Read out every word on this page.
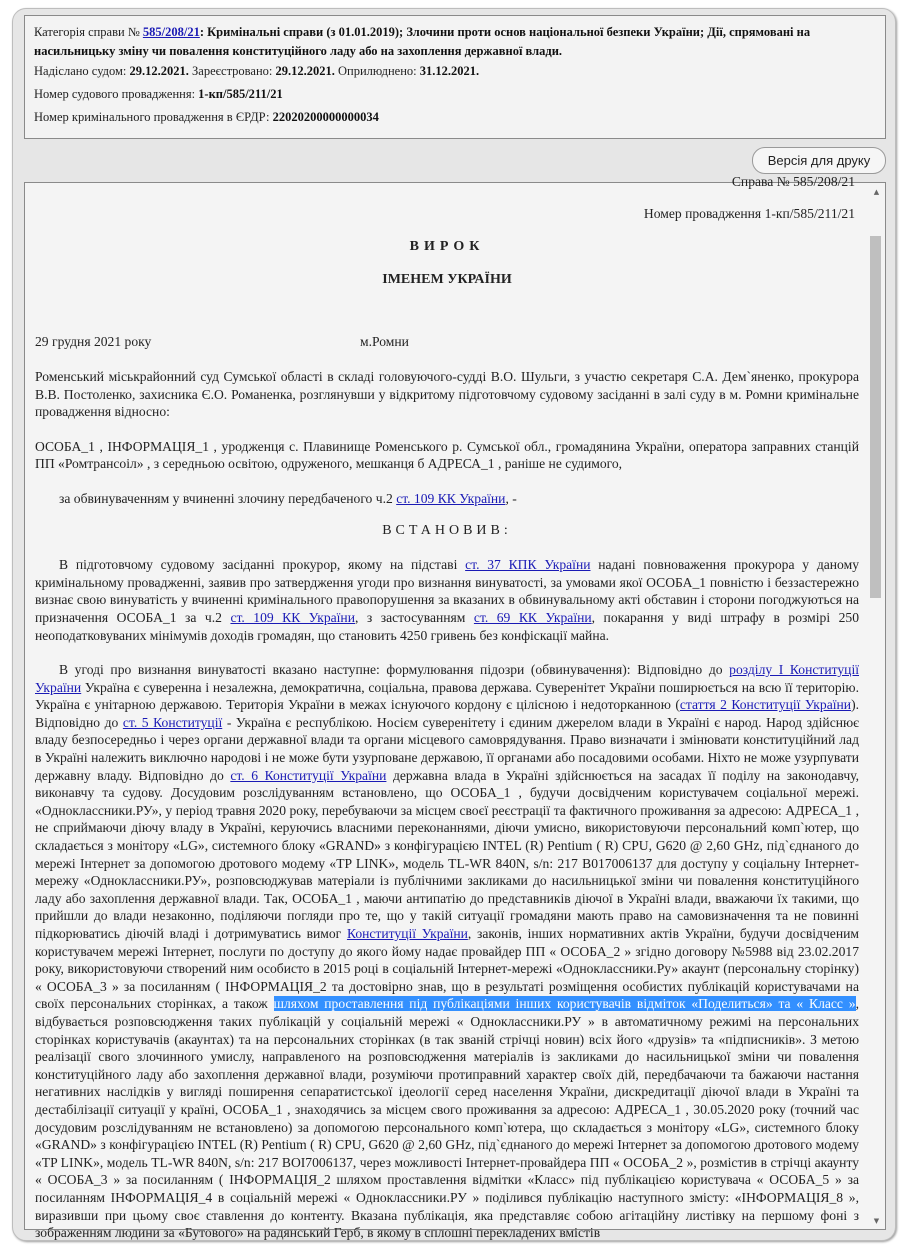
Категорія справи № 585/208/21: Кримінальні справи (з 01.01.2019); Злочини проти основ національної безпеки України; Дії, спрямовані на насильницьку зміну чи повалення конституційного ладу або на захоплення державної влади.
Надіслано судом: 29.12.2021. Зареєстровано: 29.12.2021. Оприлюднено: 31.12.2021.
Номер судового провадження: 1-кп/585/211/21
Номер кримінального провадження в ЄРДР: 22020200000000034
Версія для друку

Справа № 585/208/21

Номер провадження 1-кп/585/211/21

ВИРОК

ІМЕНЕМ УКРАЇНИ

29 грудня 2021 року	м.Ромни

Роменський міськрайонний суд Сумської області в складі головуючого-судді В.О. Шульги, з участю секретаря С.А. Дем`яненко, прокурора В.В. Постоленко, захисника Є.О. Романенка, розглянувши у відкритому підготовчому судовому засіданні в залі суду в м. Ромни кримінальне провадження відносно:

ОСОБА_1 , ІНФОРМАЦІЯ_1 , уродженця с. Плавинище Роменського р. Сумської обл., громадянина України, оператора заправних станцій ПП «Ромтрансоіл» , з середньою освітою, одруженого, мешканця б АДРЕСА_1 , раніше не судимого,

за обвинуваченням у вчиненні злочину передбаченого ч.2 ст. 109 КК України, -

ВСТАНОВИВ:

В підготовчому судовому засіданні прокурор, якому на підставі ст. 37 КПК України надані повноваження прокурора у даному кримінальному провадженні, заявив про затвердження угоди про визнання винуватості, за умовами якої ОСОБА_1 повністю і беззастережно визнає свою винуватість у вчиненні кримінального правопорушення за вказаних в обвинувальному акті обставин і сторони погоджуються на призначення ОСОБА_1 за ч.2 ст. 109 КК України, з застосуванням ст. 69 КК України, покарання у виді штрафу в розмірі 250 неоподатковуваних мінімумів доходів громадян, що становить 4250 гривень без конфіскації майна.

В угоді про визнання винуватості вказано наступне: формулювання підозри (обвинувачення): Відповідно до розділу І Конституції України Україна є суверенна і незалежна, демократична, соціальна, правова держава. Суверенітет України поширюється на всю її територію. Україна є унітарною державою. Територія України в межах існуючого кордону є цілісною і недоторканною (стаття 2 Конституції України). Відповідно до ст. 5 Конституції - Україна є республікою. Носієм суверенітету і єдиним джерелом влади в Україні є народ. Народ здійснює владу безпосередньо і через органи державної влади та органи місцевого самоврядування. Право визначати і змінювати конституційний лад в Україні належить виключно народові і не може бути узурповане державою, її органами або посадовими особами. Ніхто не може узурпувати державну владу. Відповідно до ст. 6 Конституції України державна влада в Україні здійснюється на засадах її поділу на законодавчу, виконавчу та судову. Досудовим розслідуванням встановлено, що ОСОБА_1 , будучи досвідченим користувачем соціальної мережі. «Одноклассники.РУ», у період травня 2020 року, перебуваючи за місцем своєї реєстрації та фактичного проживання за адресою: АДРЕСА_1 , не сприймаючи діючу владу в Україні, керуючись власними переконаннями, діючи умисно, використовуючи персональний комп`ютер, що складається з монітору «LG», системного блоку «GRAND» з конфігурацією INTEL (R) Pentium ( R) CPU, G620 @ 2,60 GHz, під`єднаного до мережі Інтернет за допомогою дротового модему «TP LINK», модель TL-WR 840N, s/n: 217 B017006137 для доступу у соціальну Інтернет-мережу «Одноклассники.РУ», розповсюджував матеріали із публічними закликами до насильницької зміни чи повалення конституційного ладу або захоплення державної влади. Так, ОСОБА_1 , маючи антипатію до представників діючої в Україні влади, вважаючи їх такими, що прийшли до влади незаконно, поділяючи погляди про те, що у такій ситуації громадяни мають право на самовизначення та не повинні підкорюватись діючій владі і дотримуватись вимог Конституції України, законів, інших нормативних актів України, будучи досвідченим користувачем мережі Інтернет, послуги по доступу до якого йому надає провайдер ПП « ОСОБА_2 » згідно договору №5988 від 23.02.2017 року, використовуючи створений ним особисто в 2015 році в соціальній Інтернет-мережі «Одноклассники.Ру» акаунт (персональну сторінку) « ОСОБА_3 » за посиланням ( ІНФОРМАЦІЯ_2 та достовірно знав, що в результаті розміщення особистих публікацій користувачами на своїх персональних сторінках, а також шляхом проставлення під публікаціями інших користувачів відміток «Поделиться» та « Класс », відбувається розповсюдження таких публікацій у соціальній мережі « Одноклассники.РУ » в автоматичному режимі на персональних сторінках користувачів (акаунтах) та на персональних сторінках (в так званій стрічці новин) всіх його «друзів» та «підписників». З метою реалізації свого злочинного умислу, направленого на розповсюдження матеріалів із закликами до насильницької зміни чи повалення конституційного ладу або захоплення державної влади, розуміючи протиправний характер своїх дій, передбачаючи та бажаючи настання негативних наслідків у вигляді поширення сепаратистської ідеології серед населення України, дискредитації діючої влади в Україні та дестабілізації ситуації у країні, ОСОБА_1 , знаходячись за місцем свого проживання за адресою: АДРЕСА_1 , 30.05.2020 року (точний час досудовим розслідуванням не встановлено) за допомогою персонального комп`ютера, що складається з монітору «LG», системного блоку «GRAND» з конфігурацією INTEL (R) Pentium ( R) CPU, G620 @ 2,60 GHz, під`єднаного до мережі Інтернет за допомогою дротового модему «TP LINK», модель TL-WR 840N, s/n: 217 BOI7006137, через можливості Інтернет-провайдера ПП « ОСОБА_2 », розмістив в стрічці акаунту « ОСОБА_3 » за посиланням ( ІНФОРМАЦІЯ_2 шляхом проставлення відмітки «Класс» під публікацією користувача « ОСОБА_5 » за посиланням ІНФОРМАЦІЯ_4 в соціальній мережі « Одноклассники.РУ » поділився публікацію наступного змісту: «ІНФОРМАЦІЯ_8 », виразивши при цьому своє ставлення до контенту. Вказана публікація, яка представляє собою агітаційну листівку на першому фоні з зображенням людини за «Бутового» на радянський Герб, в якому в сплошні перекладених вмістів

▲
▼
